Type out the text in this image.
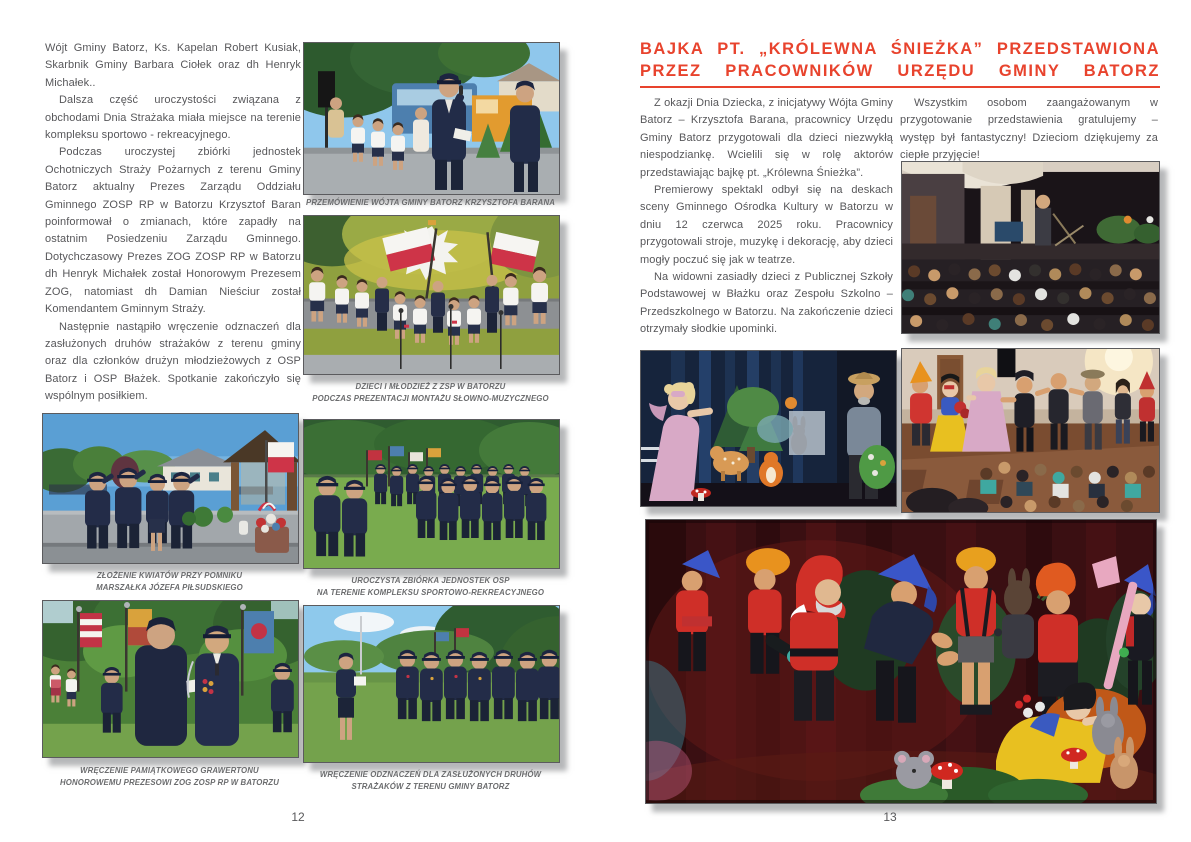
Wójt Gminy Batorz, Ks. Kapelan Robert Kusiak, Skarbnik Gminy Barbara Ciołek oraz dh Henryk Michałek..

Dalsza część uroczystości związana z obchodami Dnia Strażaka miała miejsce na terenie kompleksu sportowo - rekreacyjnego.

Podczas uroczystej zbiórki jednostek Ochotniczych Straży Pożarnych z terenu Gminy Batorz aktualny Prezes Zarządu Oddziału Gminnego ZOSP RP w Batorzu Krzysztof Baran poinformował o zmianach, które zapadły na ostatnim Posiedzeniu Zarządu Gminnego. Dotychczasowy Prezes ZOG ZOSP RP w Batorzu dh Henryk Michałek został Honorowym Prezesem ZOG, natomiast dh Damian Nieściur został Komendantem Gminnym Straży.

Następnie nastąpiło wręczenie odznaczeń dla zasłużonych druhów strażaków z terenu gminy oraz dla członków drużyn młodzieżowych z OSP Batorz i OSP Błażek. Spotkanie zakończyło się wspólnym posiłkiem.

PRZEMÓWIENIE WÓJTA GMINY BATORZ KRZYSZTOFA BARANA
DZIECI I MŁODZIEŻ Z ZSP W BATORZU
PODCZAS PREZENTACJI MONTAŻU SŁOWNO-MUZYCZNEGO
ZŁOŻENIE KWIATÓW PRZY POMNIKU
MARSZAŁKA JÓZEFA PIŁSUDSKIEGO
UROCZYSTA ZBIÓRKA JEDNOSTEK OSP
NA TERENIE KOMPLEKSU SPORTOWO-REKREACYJNEGO
WRĘCZENIE PAMIĄTKOWEGO GRAWERTONU
HONOROWEMU PREZESOWI ZOG ZOSP RP W BATORZU
WRĘCZENIE ODZNACZEŃ DLA ZASŁUŻONYCH DRUHÓW
STRAŻAKÓW Z TERENU GMINY BATORZ
12
BAJKA PT. „KRÓLEWNA ŚNIEŻKA” PRZEDSTAWIONA
PRZEZ PRACOWNIKÓW URZĘDU GMINY BATORZ

Z okazji Dnia Dziecka, z inicjatywy Wójta Gminy Batorz – Krzysztofa Barana, pracownicy Urzędu Gminy Batorz przygotowali dla dzieci niezwykłą niespodziankę. Wcielili się w rolę aktorów przedstawiając bajkę pt. „Królewna Śnieżka”.

Premierowy spektakl odbył się na deskach sceny Gminnego Ośrodka Kultury w Batorzu w dniu 12 czerwca 2025 roku. Pracownicy przygotowali stroje, muzykę i dekorację, aby dzieci mogły poczuć się jak w teatrze.

Na widowni zasiadły dzieci z Publicznej Szkoły Podstawowej w Błażku oraz Zespołu Szkolno – Przedszkolnego w Batorzu. Na zakończenie dzieci otrzymały słodkie upominki.

Wszystkim osobom zaangażowanym w przygotowanie przedstawienia gratulujemy – występ był fantastyczny! Dzieciom dziękujemy za ciepłe przyjęcie!

13
